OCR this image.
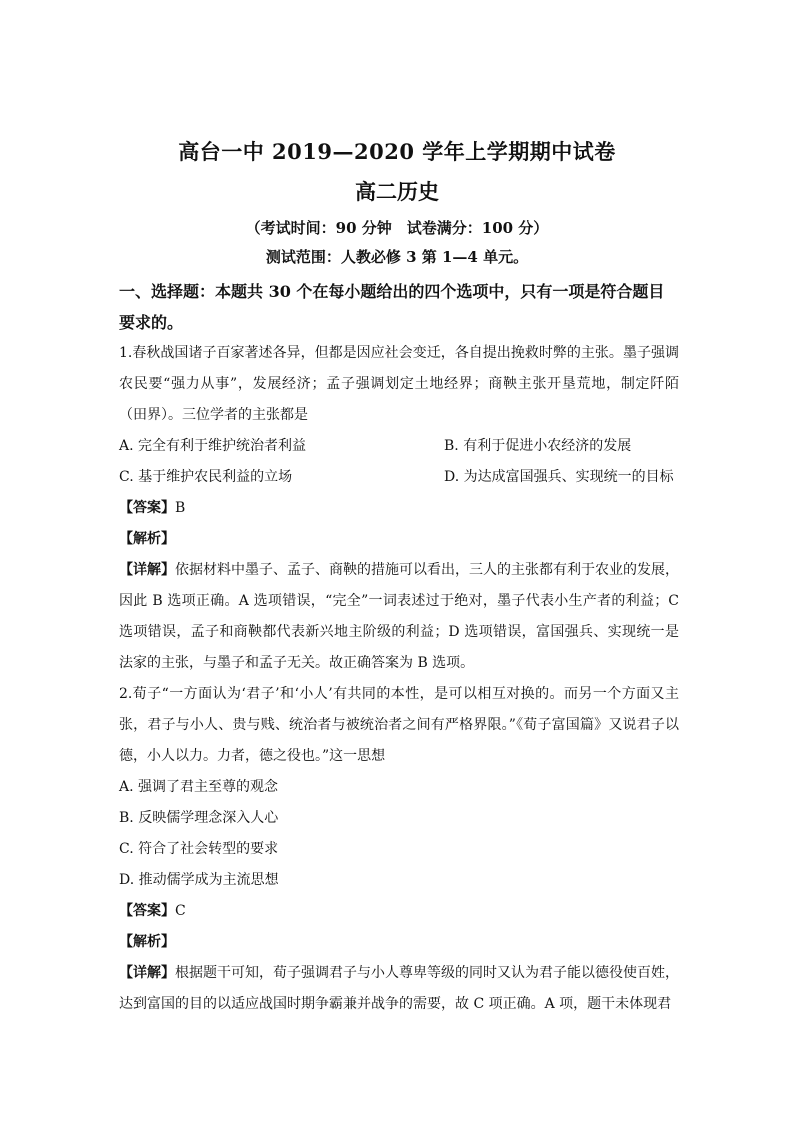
高台一中 2019—2020 学年上学期期中试卷
高二历史
（考试时间：90 分钟　试卷满分：100 分）
测试范围：人教必修 3 第 1—4 单元。
一、选择题：本题共 30 个在每小题给出的四个选项中，只有一项是符合题目要求的。
1.春秋战国诸子百家著述各异，但都是因应社会变迁，各自提出挽救时弊的主张。墨子强调农民要“强力从事”，发展经济；孟子强调划定土地经界；商鞅主张开垦荒地，制定阡陌（田界）。三位学者的主张都是
A. 完全有利于维护统治者利益	B. 有利于促进小农经济的发展
C. 基于维护农民利益的立场	D. 为达成富国强兵、实现统一的目标
【答案】B
【解析】
【详解】依据材料中墨子、孟子、商鞅的措施可以看出，三人的主张都有利于农业的发展，因此 B 选项正确。A 选项错误，“完全”一词表述过于绝对，墨子代表小生产者的利益；C 选项错误，孟子和商鞅都代表新兴地主阶级的利益；D 选项错误，富国强兵、实现统一是法家的主张，与墨子和孟子无关。故正确答案为 B 选项。
2.荀子“一方面认为‘君子’和‘小人’有共同的本性，是可以相互对换的。而另一个方面又主张，君子与小人、贵与贱、统治者与被统治者之间有严格界限。”《荀子富国篇》又说君子以德，小人以力。力者，德之役也。”这一思想
A. 强调了君主至尊的观念
B. 反映儒学理念深入人心
C. 符合了社会转型的要求
D. 推动儒学成为主流思想
【答案】C
【解析】
【详解】根据题干可知，荀子强调君子与小人尊卑等级的同时又认为君子能以德役使百姓，达到富国的目的以适应战国时期争霸兼并战争的需要，故 C 项正确。A 项，题干未体现君
